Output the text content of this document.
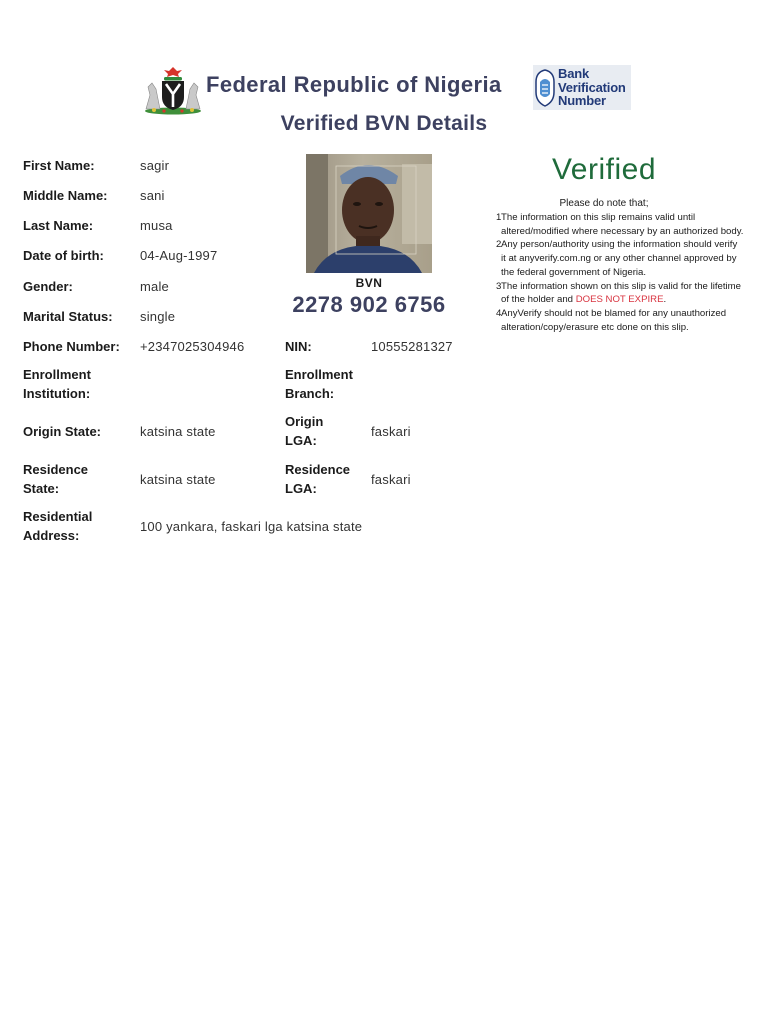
Federal Republic of Nigeria	Bank
Verification
Number
Verified BVN Details
First Name:	sagir
Middle Name: sani
Last Name:	musa
Date of birth:	04-Aug-1997
Gender:	male
Marital Status: single
Phone Number: +2347025304946	NIN:	10555281327
Enrollment
Institution:
Enrollment
Branch:
Origin State:	katsina state
Origin
LGA:
faskari
Residence
State:
katsina state
Residence
LGA:
faskari
Residential
Address:
100 yankara, faskari lga katsina state
BVN
2278 902 6756
Verified
Please do note that;
1 The information on this slip remains valid until altered/modified where necessary by an authorized body.
2 Any person/authority using the information should verify it at anyverify.com.ng or any other channel approved by the federal government of Nigeria.
3 The information shown on this slip is valid for the lifetime of the holder and DOES NOT EXPIRE.
4 AnyVerify should not be blamed for any unauthorized alteration/copy/erasure etc done on this slip.
